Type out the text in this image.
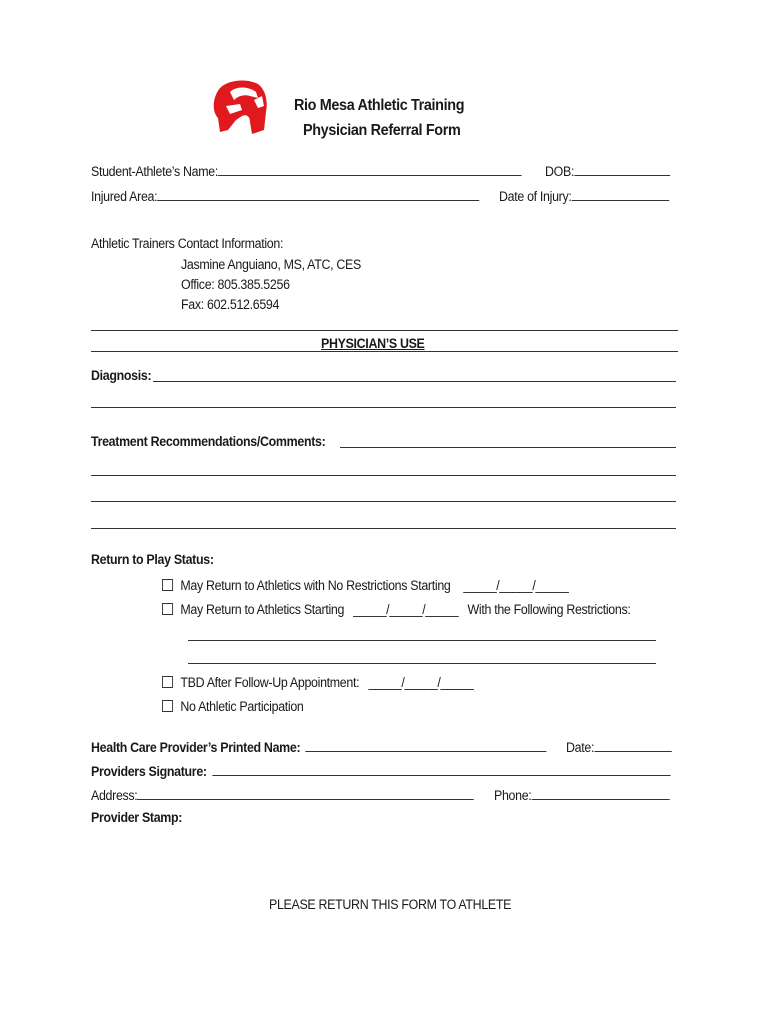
Rio Mesa Athletic Training
Physician Referral Form
Student-Athlete’s Name:	DOB:
Injured Area:	Date of Injury:
Athletic Trainers Contact Information:
Jasmine Anguiano, MS, ATC, CES
Office: 805.385.5256
Fax: 602.512.6594
PHYSICIAN’S USE
Diagnosis:
Treatment Recommendations/Comments:
Return to Play Status:
May Return to Athletics with No Restrictions Starting _____/_____/_____
May Return to Athletics Starting _____/_____/_____ With the Following Restrictions:
TBD After Follow-Up Appointment: _____/_____/_____
No Athletic Participation
Health Care Provider’s Printed Name:	Date:
Providers Signature:
Address:	Phone:
Provider Stamp:
PLEASE RETURN THIS FORM TO ATHLETE
